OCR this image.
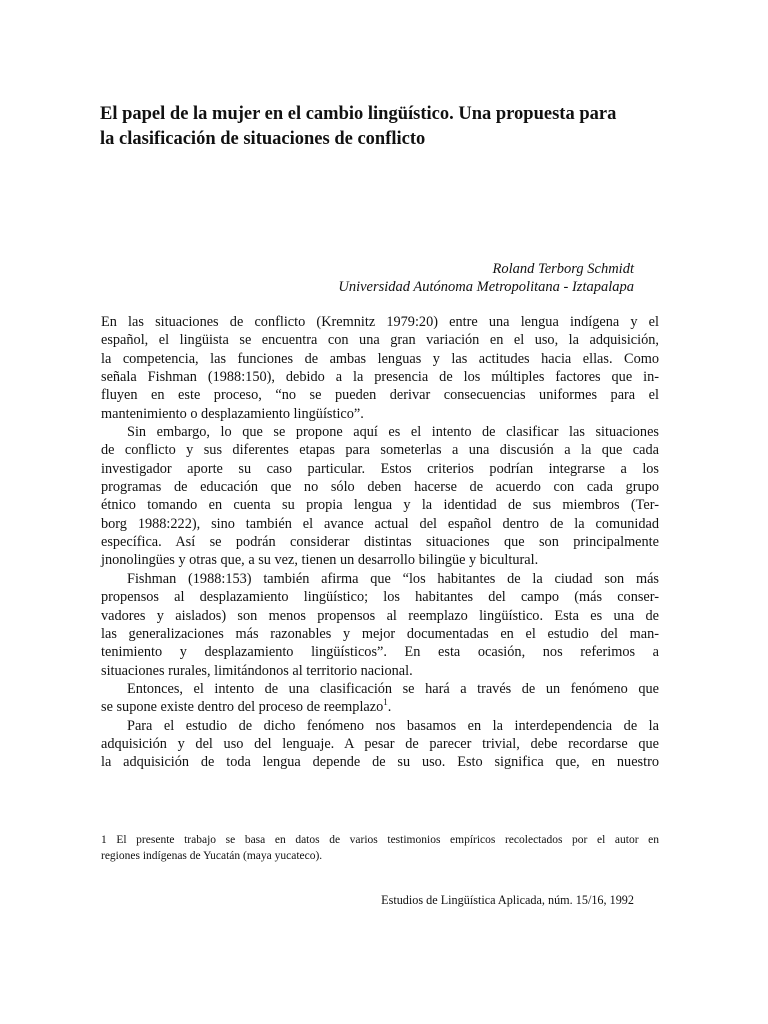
El papel de la mujer en el cambio lingüístico. Una propuesta para
la clasificación de situaciones de conflicto
Roland Terborg Schmidt
Universidad Autónoma Metropolitana - Iztapalapa
En las situaciones de conflicto (Kremnitz 1979:20) entre una lengua indígena y el
español, el lingüista se encuentra con una gran variación en el uso, la adquisición,
la competencia, las funciones de ambas lenguas y las actitudes hacia ellas. Como
señala Fishman (1988:150), debido a la presencia de los múltiples factores que in-
fluyen en este proceso, “no se pueden derivar consecuencias uniformes para el
mantenimiento o desplazamiento lingüístico”.
Sin embargo, lo que se propone aquí es el intento de clasificar las situaciones
de conflicto y sus diferentes etapas para someterlas a una discusión a la que cada
investigador aporte su caso particular. Estos criterios podrían integrarse a los
programas de educación que no sólo deben hacerse de acuerdo con cada grupo
étnico tomando en cuenta su propia lengua y la identidad de sus miembros (Ter-
borg 1988:222), sino también el avance actual del español dentro de la comunidad
específica. Así se podrán considerar distintas situaciones que son principalmente
jnonolingües y otras que, a su vez, tienen un desarrollo bilingüe y bicultural.
Fishman (1988:153) también afirma que “los habitantes de la ciudad son más
propensos al desplazamiento lingüístico; los habitantes del campo (más conser-
vadores y aislados) son menos propensos al reemplazo lingüístico. Esta es una de
las generalizaciones más razonables y mejor documentadas en el estudio del man-
tenimiento y desplazamiento lingüísticos”. En esta ocasión, nos referimos a
situaciones rurales, limitándonos al territorio nacional.
Entonces, el intento de una clasificación se hará a través de un fenómeno que
se supone existe dentro del proceso de reemplazo$^1$.
Para el estudio de dicho fenómeno nos basamos en la interdependencia de la
adquisición y del uso del lenguaje. A pesar de parecer trivial, debe recordarse que
la adquisición de toda lengua depende de su uso. Esto significa que, en nuestro
1 El presente trabajo se basa en datos de varios testimonios empíricos recolectados por el autor en
regiones indígenas de Yucatán (maya yucateco).
Estudios de Lingüística Aplicada, núm. 15/16, 1992
